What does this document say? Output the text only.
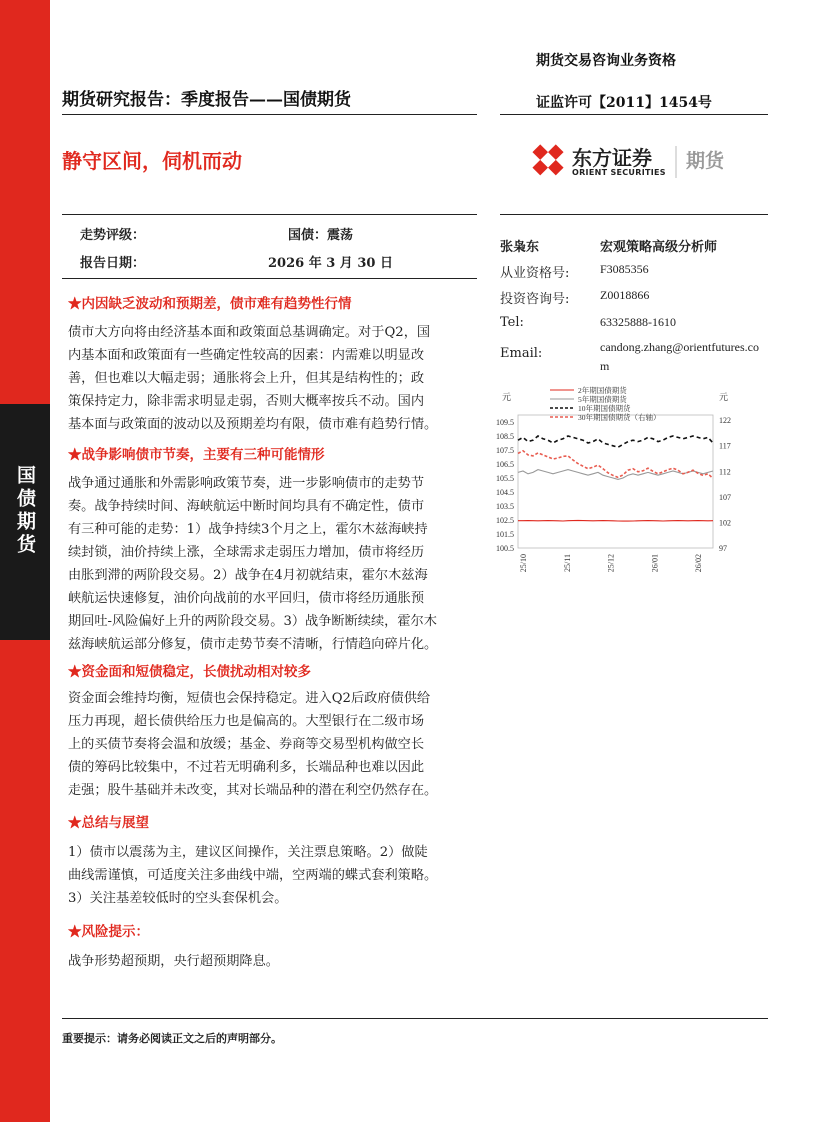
国债期货
期货交易咨询业务资格
期货研究报告：季度报告——国债期货	证监许可【2011】1454号
静守区间，伺机而动	东方证券
ORIENT SECURITIES
期货
走势评级：	国债：震荡
报告日期：	2026 年 3 月 30 日
★内因缺乏波动和预期差，债市难有趋势性行情
债市大方向将由经济基本面和政策面总基调确定。对于Q2，国
内基本面和政策面有一些确定性较高的因素：内需难以明显改
善，但也难以大幅走弱；通胀将会上升，但其是结构性的；政
策保持定力，除非需求明显走弱，否则大概率按兵不动。国内
基本面与政策面的波动以及预期差均有限，债市难有趋势行情。
★战争影响债市节奏，主要有三种可能情形
战争通过通胀和外需影响政策节奏，进一步影响债市的走势节
奏。战争持续时间、海峡航运中断时间均具有不确定性，债市
有三种可能的走势：1）战争持续3个月之上，霍尔木兹海峡持
续封锁，油价持续上涨，全球需求走弱压力增加，债市将经历
由胀到滞的两阶段交易。2）战争在4月初就结束，霍尔木兹海
峡航运快速修复，油价向战前的水平回归，债市将经历通胀预
期回吐-风险偏好上升的两阶段交易。3）战争断断续续，霍尔木
兹海峡航运部分修复，债市走势节奏不清晰，行情趋向碎片化。
★资金面和短债稳定，长债扰动相对较多
资金面会维持均衡，短债也会保持稳定。进入Q2后政府债供给
压力再现，超长债供给压力也是偏高的。大型银行在二级市场
上的买债节奏将会温和放缓；基金、券商等交易型机构做空长
债的筹码比较集中，不过若无明确利多，长端品种也难以因此
走强；股牛基础并未改变，其对长端品种的潜在利空仍然存在。
★总结与展望
1）债市以震荡为主，建议区间操作，关注票息策略。2）做陡
曲线需谨慎，可适度关注多曲线中端，空两端的蝶式套利策略。
3）关注基差较低时的空头套保机会。
★风险提示：
战争形势超预期，央行超预期降息。
张枭东	宏观策略高级分析师
从业资格号:	F3085356
投资咨询号:	Z0018866
Tel:	63325888-1610
Email:	candong.zhang@orientfutures.co
m
元	元
100.5
101.5
102.5
103.5
104.5
105.5
106.5
107.5
108.5
109.5
97
102
107
112
117
122
25/10	25/11	25/12	26/01	26/02
2年期国债期货
5年期国债期货
10年期国债期货
30年期国债期货（右轴）
重要提示：请务必阅读正文之后的声明部分。
